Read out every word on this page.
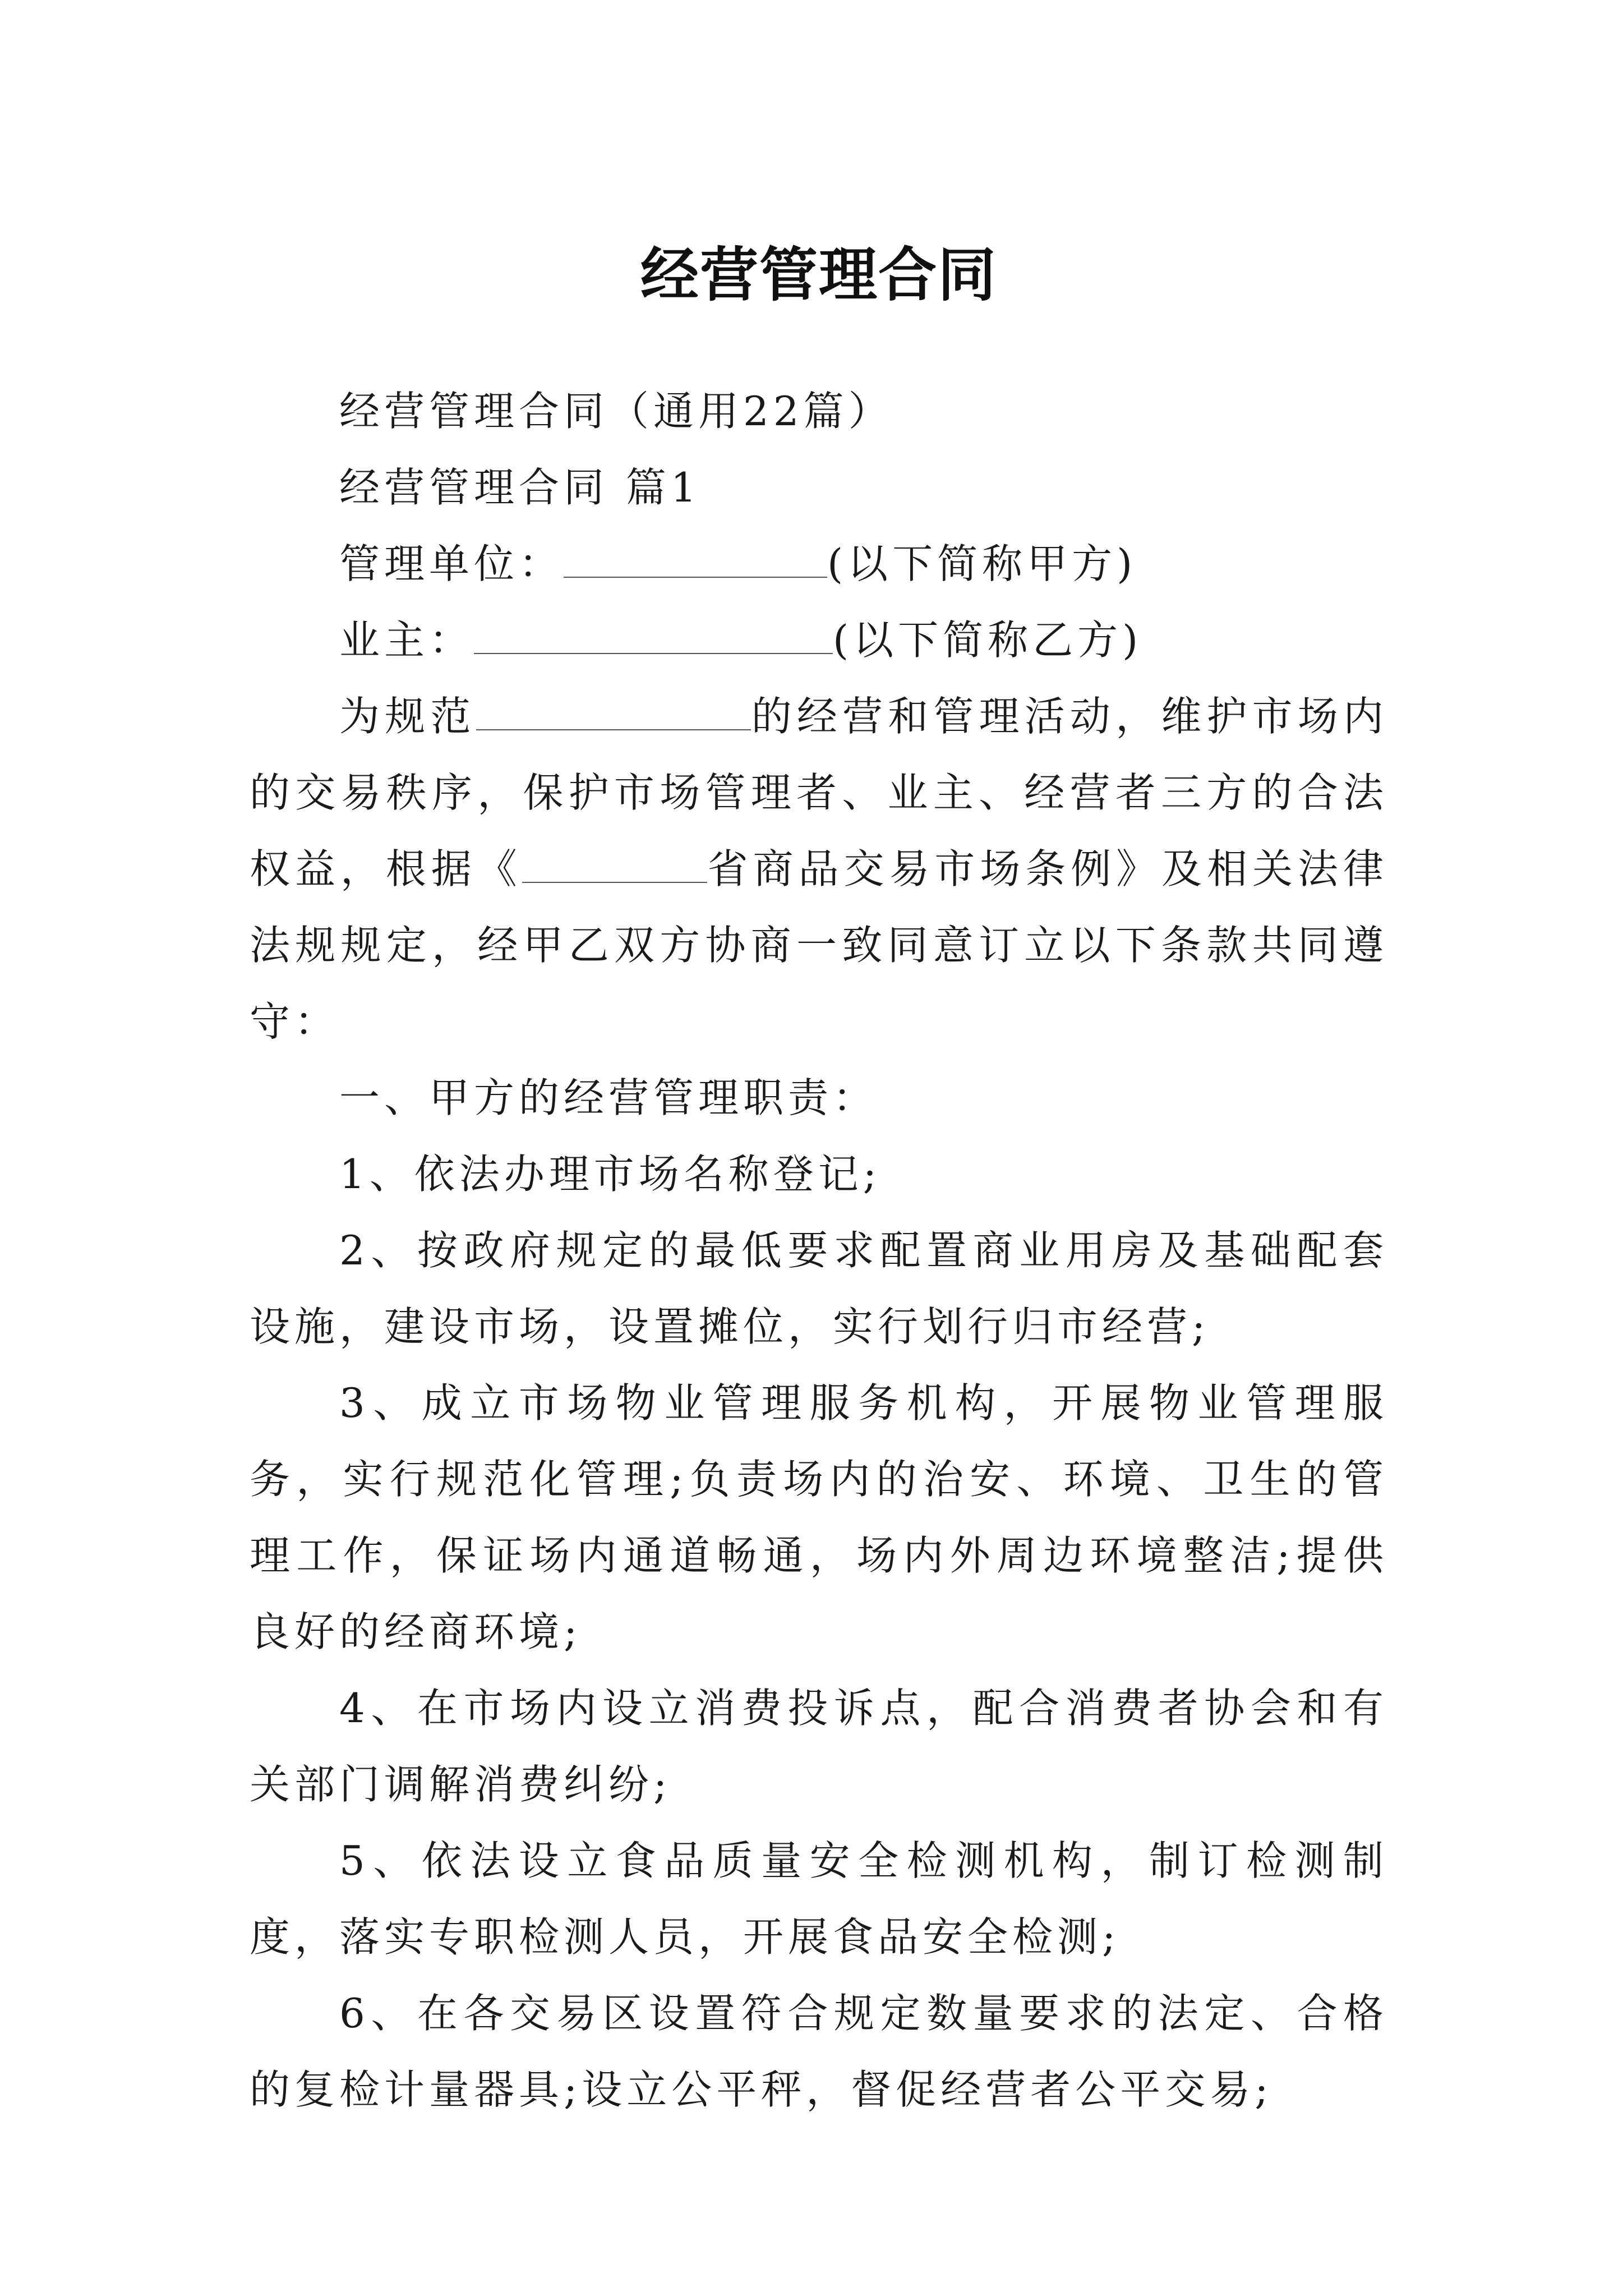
经营管理合同

经营管理合同（通用22篇）

经营管理合同 篇1

管理单位：	(以下简称甲方)

业主：	(以下简称乙方)

为规范	的经营和管理活动，维护市场内的交易秩序，保护市场管理者、业主、经营者三方的合法权益，根据《	省商品交易市场条例》及相关法律法规规定，经甲乙双方协商一致同意订立以下条款共同遵守：

一、甲方的经营管理职责：

1、依法办理市场名称登记;

2、按政府规定的最低要求配置商业用房及基础配套设施，建设市场，设置摊位，实行划行归市经营;

3、成立市场物业管理服务机构，开展物业管理服务，实行规范化管理;负责场内的治安、环境、卫生的管理工作，保证场内通道畅通，场内外周边环境整洁;提供良好的经商环境;

4、在市场内设立消费投诉点，配合消费者协会和有关部门调解消费纠纷;

5、依法设立食品质量安全检测机构，制订检测制度，落实专职检测人员，开展食品安全检测;

6、在各交易区设置符合规定数量要求的法定、合格的复检计量器具;设立公平秤，督促经营者公平交易;
